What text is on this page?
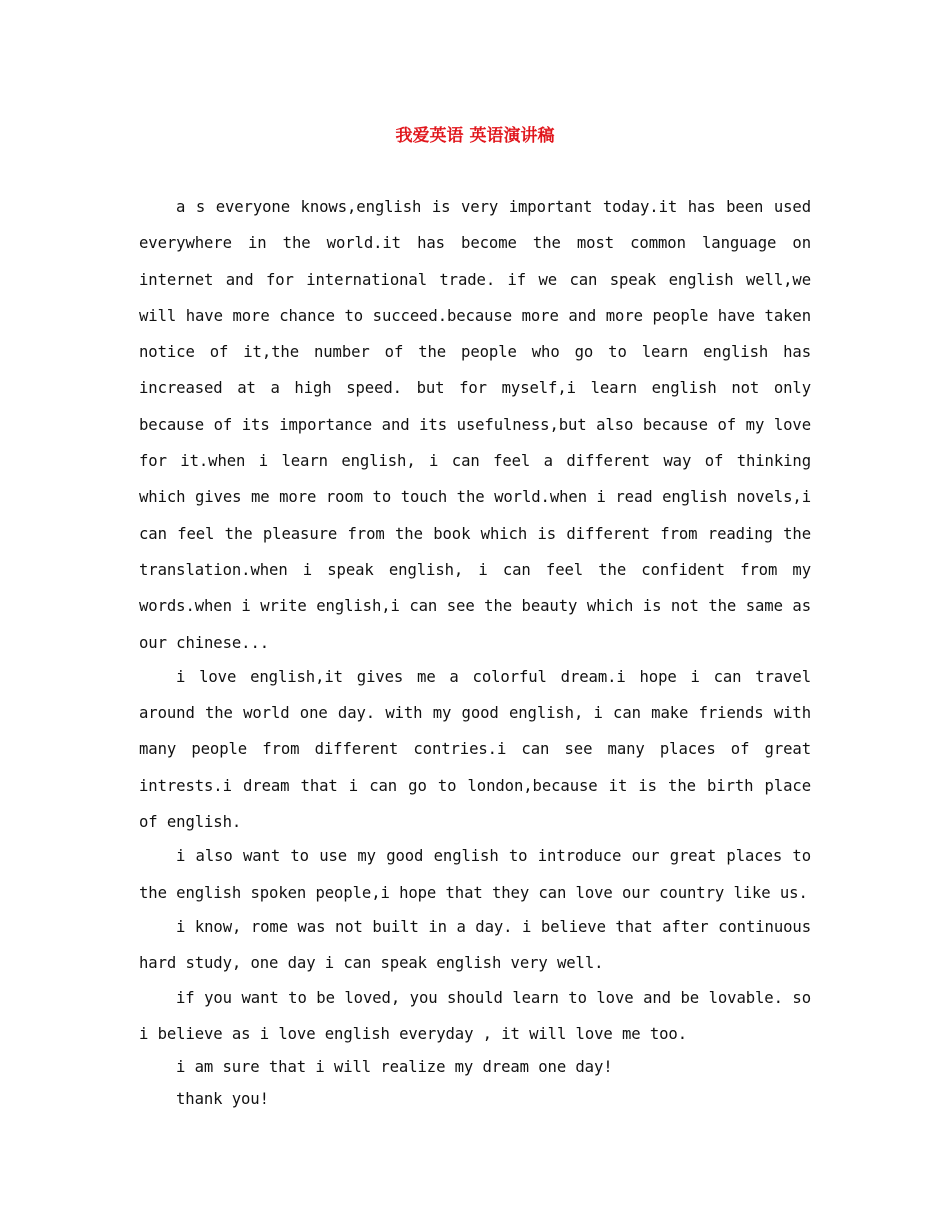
我爱英语 英语演讲稿

a s everyone knows,english is very important today.it has been used everywhere in the world.it has become the most common language on internet and for international trade. if we can speak english well,we will have more chance to succeed.because more and more people have taken notice of it,the number of the people who go to learn english has increased at a high speed. but for myself,i learn english not only because of its importance and its usefulness,but also because of my love for it.when i learn english, i can feel a different way of thinking which gives me more room to touch the world.when i read english novels,i can feel the pleasure from the book which is different from reading the translation.when i speak english, i can feel the confident from my words.when i write english,i can see the beauty which is not the same as our chinese...

i love english,it gives me a colorful dream.i hope i can travel around the world one day. with my good english, i can make friends with many people from different contries.i can see many places of great intrests.i dream that i can go to london,because it is the birth place of english.

i also want to use my good english to introduce our great places to the english spoken people,i hope that they can love our country like us.

i know, rome was not built in a day. i believe that after continuous hard study, one day i can speak english very well.

if you want to be loved, you should learn to love and be lovable. so i believe as i love english everyday , it will love me too.

i am sure that i will realize my dream one day!

thank you!
